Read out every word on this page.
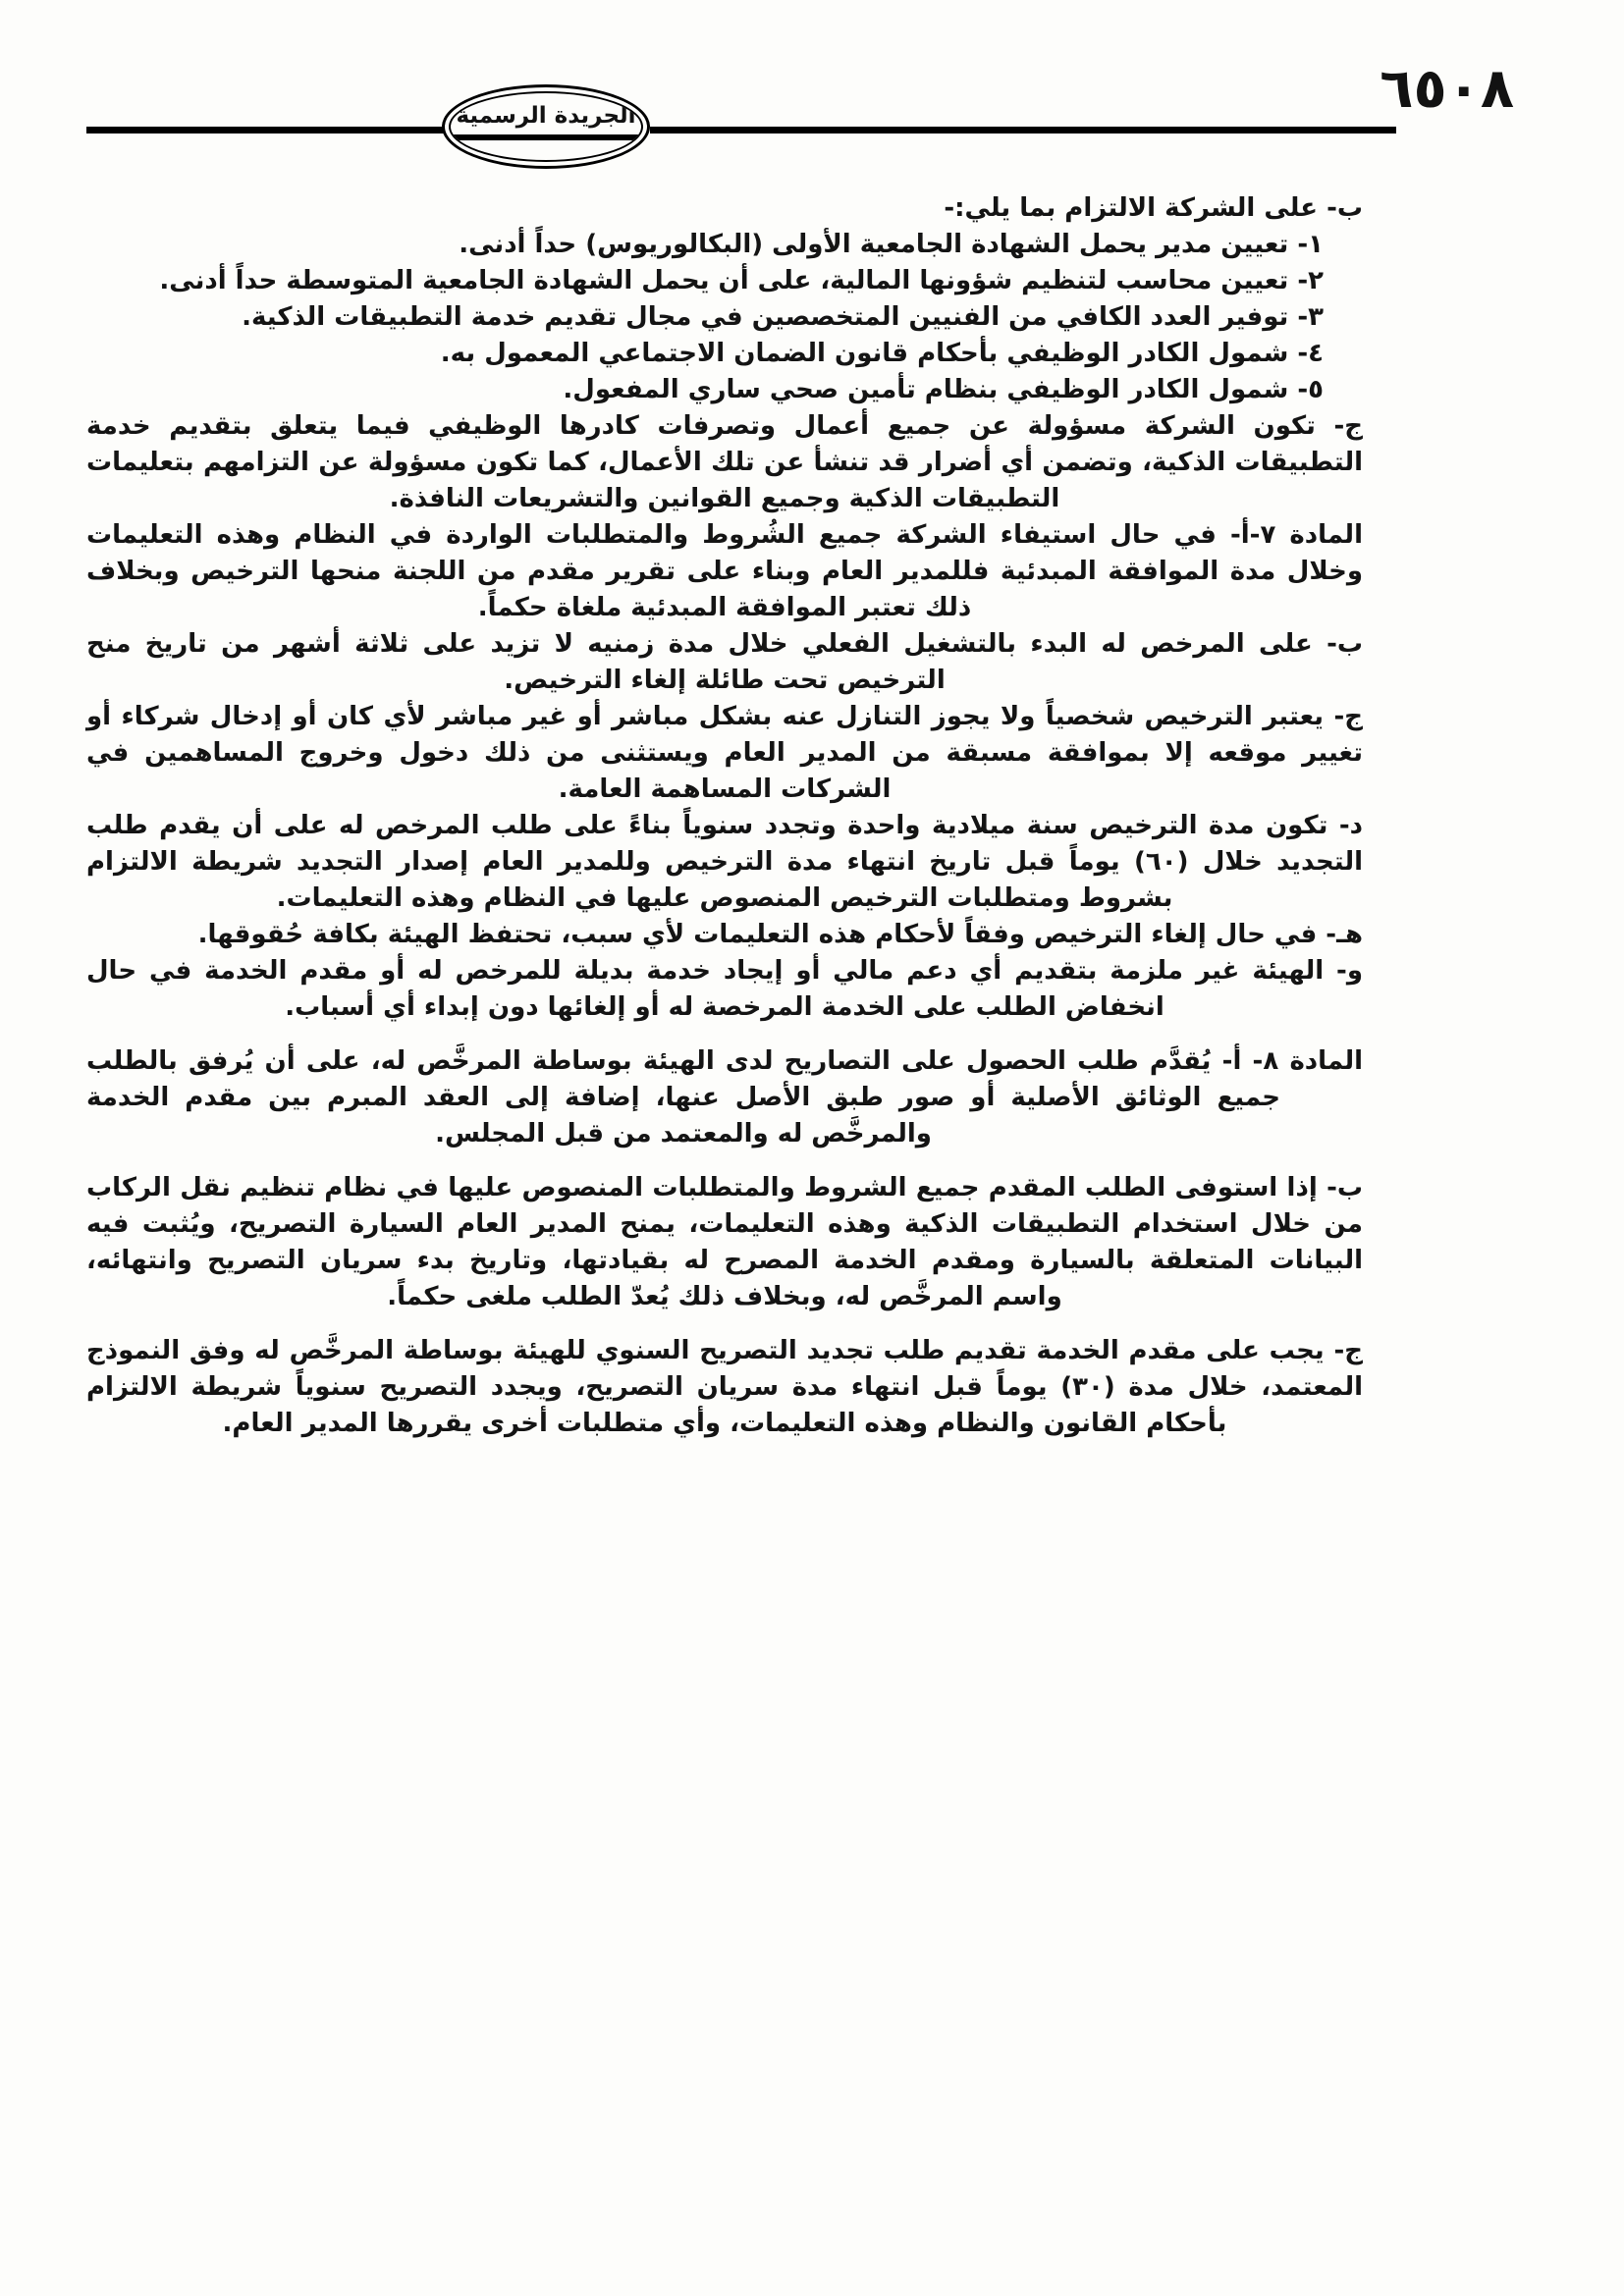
٦٥٠٨
الجريدة الرسمية

ب- على الشركة الالتزام بما يلي:-

١- تعيين مدير يحمل الشهادة الجامعية الأولى (البكالوريوس) حداً أدنى.

٢- تعيين محاسب لتنظيم شؤونها المالية، على أن يحمل الشهادة الجامعية المتوسطة حداً أدنى.

٣- توفير العدد الكافي من الفنيين المتخصصين في مجال تقديم خدمة التطبيقات الذكية.

٤- شمول الكادر الوظيفي بأحكام قانون الضمان الاجتماعي المعمول به.

٥- شمول الكادر الوظيفي بنظام تأمين صحي ساري المفعول.

ج- تكون الشركة مسؤولة عن جميع أعمال وتصرفات كادرها الوظيفي فيما يتعلق بتقديم خدمة التطبيقات الذكية، وتضمن أي أضرار قد تنشأ عن تلك الأعمال، كما تكون مسؤولة عن التزامهم بتعليمات التطبيقات الذكية وجميع القوانين والتشريعات النافذة.

المادة ٧-أ- في حال استيفاء الشركة جميع الشُروط والمتطلبات الواردة في النظام وهذه التعليمات وخلال مدة الموافقة المبدئية فللمدير العام وبناء على تقرير مقدم من اللجنة منحها الترخيص وبخلاف ذلك تعتبر الموافقة المبدئية ملغاة حكماً.

ب- على المرخص له البدء بالتشغيل الفعلي خلال مدة زمنيه لا تزيد على ثلاثة أشهر من تاريخ منح الترخيص تحت طائلة إلغاء الترخيص.

ج- يعتبر الترخيص شخصياً ولا يجوز التنازل عنه بشكل مباشر أو غير مباشر لأي كان أو إدخال شركاء أو تغيير موقعه إلا بموافقة مسبقة من المدير العام ويستثنى من ذلك دخول وخروج المساهمين في الشركات المساهمة العامة.

د- تكون مدة الترخيص سنة ميلادية واحدة وتجدد سنوياً بناءً على طلب المرخص له على أن يقدم طلب التجديد خلال (٦٠) يوماً قبل تاريخ انتهاء مدة الترخيص وللمدير العام إصدار التجديد شريطة الالتزام بشروط ومتطلبات الترخيص المنصوص عليها في النظام وهذه التعليمات.

هـ- في حال إلغاء الترخيص وفقاً لأحكام هذه التعليمات لأي سبب، تحتفظ الهيئة بكافة حُقوقها.

و- الهيئة غير ملزمة بتقديم أي دعم مالي أو إيجاد خدمة بديلة للمرخص له أو مقدم الخدمة في حال انخفاض الطلب على الخدمة المرخصة له أو إلغائها دون إبداء أي أسباب.

المادة ٨- أ- يُقدَّم طلب الحصول على التصاريح لدى الهيئة بوساطة المرخَّص له، على أن يُرفق بالطلب جميع الوثائق الأصلية أو صور طبق الأصل عنها، إضافة إلى العقد المبرم بين مقدم الخدمة والمرخَّص له والمعتمد من قبل المجلس.

ب- إذا استوفى الطلب المقدم جميع الشروط والمتطلبات المنصوص عليها في نظام تنظيم نقل الركاب من خلال استخدام التطبيقات الذكية وهذه التعليمات، يمنح المدير العام السيارة التصريح، ويُثبت فيه البيانات المتعلقة بالسيارة ومقدم الخدمة المصرح له بقيادتها، وتاريخ بدء سريان التصريح وانتهائه، واسم المرخَّص له، وبخلاف ذلك يُعدّ الطلب ملغى حكماً.

ج- يجب على مقدم الخدمة تقديم طلب تجديد التصريح السنوي للهيئة بوساطة المرخَّص له وفق النموذج المعتمد، خلال مدة (٣٠) يوماً قبل انتهاء مدة سريان التصريح، ويجدد التصريح سنوياً شريطة الالتزام بأحكام القانون والنظام وهذه التعليمات، وأي متطلبات أخرى يقررها المدير العام.
